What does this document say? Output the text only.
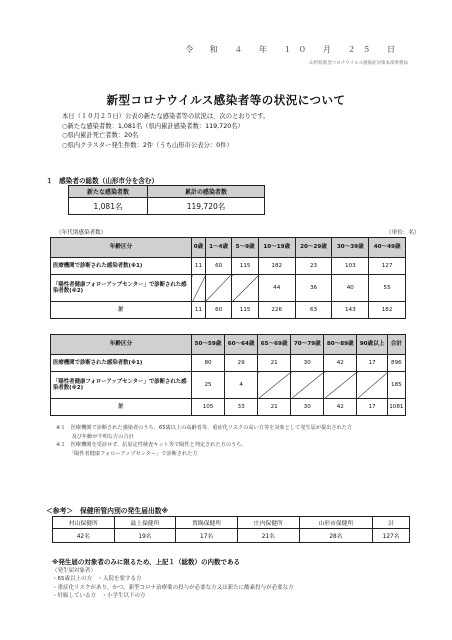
令 和 ４ 年 １０ 月 ２５ 日
山形県新型コロナウイルス感染症対策本部事務局
新型コロナウイルス感染者等の状況について
本日（１０月２５日）公表の新たな感染者等の状況は、次のとおりです。
○新たな感染者数：1,081名（県内累計感染者数：119,720名）
○県内累計死亡者数：20名
○県内クラスター発生件数：2件（うち山形市公表分：0件）
１　感染者の総数（山形市分を含む）
新たな感染者数	累計の感染者数
1,081名	119,720名
（年代別感染者数）	（単位：名）
年齢区分	0歳	1～4歳	5～9歳	10～19歳	20～29歳	30～39歳	40～49歳
医療機関で診断された感染者数(※1)	11	60	115	182	23	103	127
「陽性者健康フォローアップセンター」で診断された感染者数(※2)				44	36	40	55
計	11	60	115	226	63	143	182
年齢区分	50～59歳	60～64歳	65～69歳	70～79歳	80～89歳	90歳以上	合計
医療機関で診断された感染者数(※1)	80	29	21	30	42	17	896
「陽性者健康フォローアップセンター」で診断された感染者数(※2)	25	4					185
計	105	33	21	30	42	17	1081
※１　医療機関で診断された感染者のうち、65歳以上の高齢者等、重症化リスクの高い方等を対象として発生届が提出された方
　　　及び年齢が不明な方の合計
※２　医療機関を受診せず、抗原定性検査キット等で陽性と判定された方のうち、
　　　「陽性者健康フォローアップセンター」で診断された方
＜参考＞　保健所管内別の発生届出数※
村山保健所	最上保健所	置賜保健所	庄内保健所	山形市保健所	計
42名	19名	17名	21名	28名	127名
※発生届の対象者のみに限るため、上記１（総数）の内数である
（発生届対象者）
・65歳以上の方　・入院を要する方
・重症化リスクがあり、かつ、新型コロナ治療薬の投与が必要な方又は新たに酸素投与が必要な方
・妊娠している方　・小学生以下の方
